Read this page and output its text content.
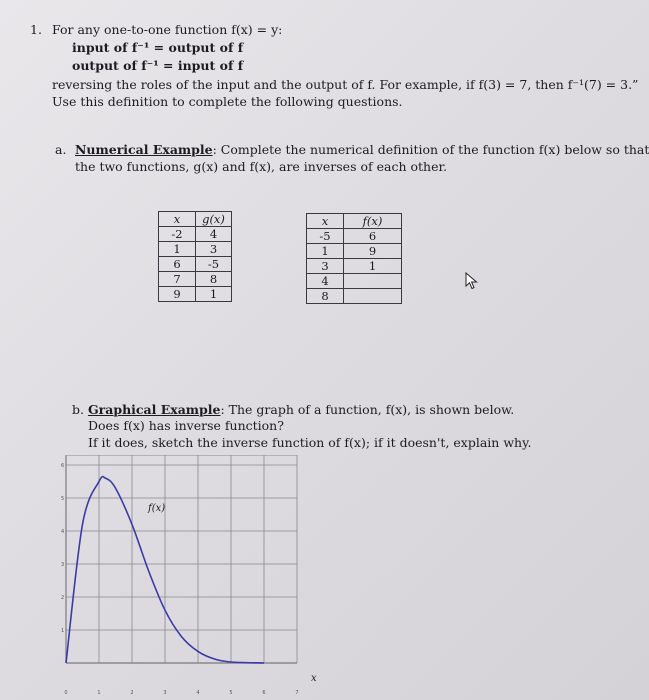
1. For any one-to-one function f(x) = y:
input of f⁻¹ = output of f
output of f⁻¹ = input of f
reversing the roles of the input and the output of f. For example, if f(3) = 7, then f⁻¹(7) = 3.”
Use this definition to complete the following questions.
a. Numerical Example: Complete the numerical definition of the function f(x) below so that
the two functions, g(x) and f(x), are inverses of each other.
x	g(x)
-2	4
1	3
6	-5
7	8
9	1
x	f(x)
-5	6
1	9
3	1
4	
8	
b. Graphical Example: The graph of a function, f(x), is shown below.
Does f(x) has inverse function?
If it does, sketch the inverse function of f(x); if it doesn't, explain why.
f(x)
x
0	1	2	3	4	5	6	7
1
2
3
4
5
6
